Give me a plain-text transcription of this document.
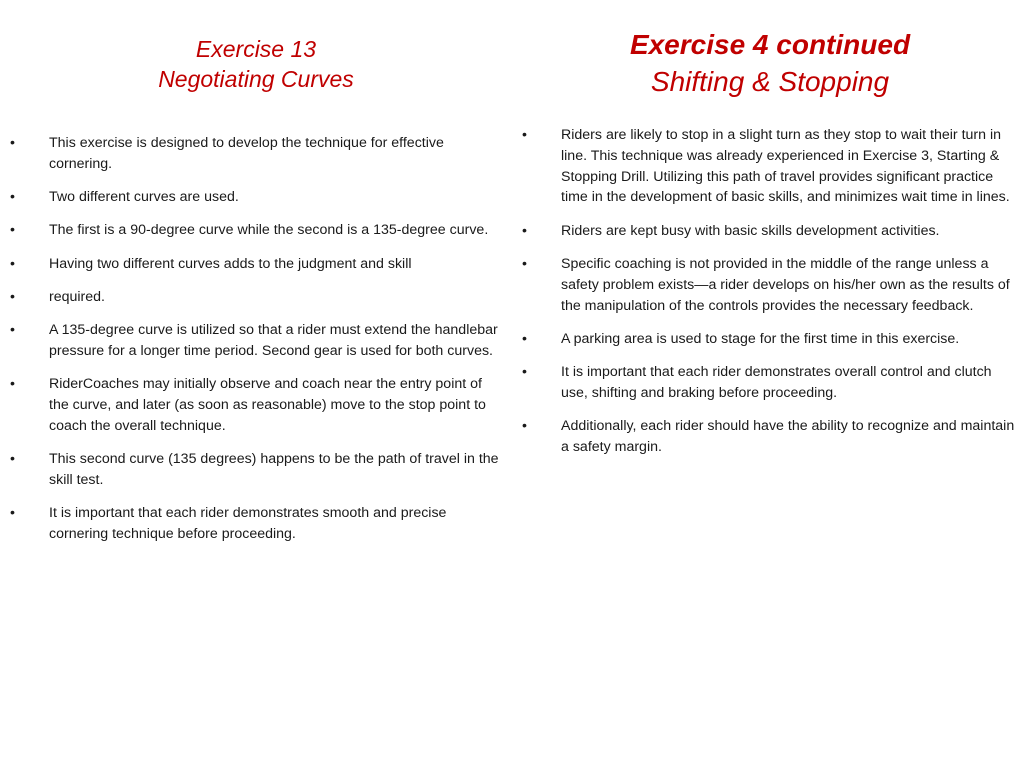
Exercise 13
Negotiating Curves
Exercise 4 continued
Shifting & Stopping
•	This exercise is designed to develop the technique for effective cornering.
•	Two different curves are used.
•	The first is a 90-degree curve while the second is a 135-degree curve.
•	Having two different curves adds to the judgment and skill
•	required.
•	A 135-degree curve is utilized so that a rider must extend the handlebar pressure for a longer time period. Second gear is used for both curves.
•	RiderCoaches may initially observe and coach near the entry point of the curve, and later (as soon as reasonable) move to the stop point to coach the overall technique.
•	This second curve (135 degrees) happens to be the path of travel in the skill test.
•	It is important that each rider demonstrates smooth and precise cornering technique before proceeding.
•	Riders are likely to stop in a slight turn as they stop to wait their turn in line. This technique was already experienced in Exercise 3, Starting & Stopping Drill. Utilizing this path of travel provides significant practice time in the development of basic skills, and minimizes wait time in lines.
•	Riders are kept busy with basic skills development activities.
•	Specific coaching is not provided in the middle of the range unless a safety problem exists—a rider develops on his/her own as the results of the manipulation of the controls provides the necessary feedback.
•	A parking area is used to stage for the first time in this exercise.
•	It is important that each rider demonstrates overall control and clutch use, shifting and braking before proceeding.
•	Additionally, each rider should have the ability to recognize and maintain a safety margin.
